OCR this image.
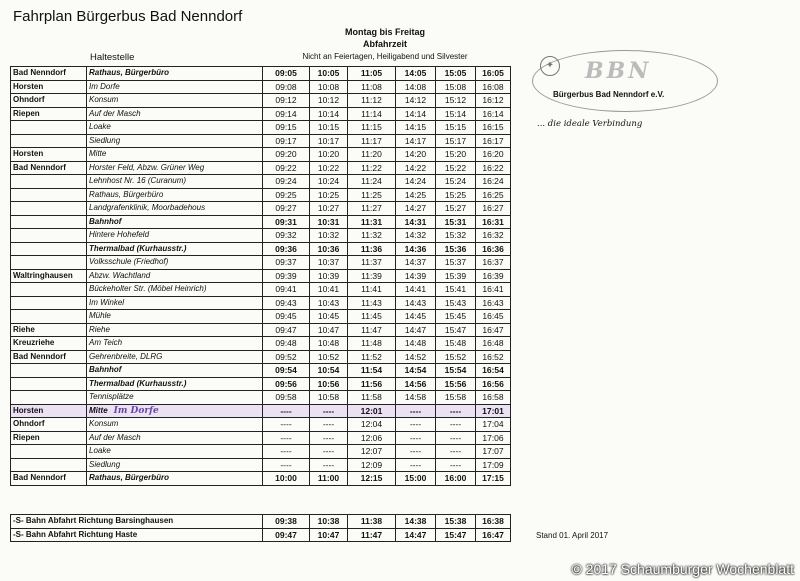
Fahrplan Bürgerbus Bad Nenndorf
Montag bis Freitag
Abfahrzeit
Nicht an Feiertagen, Heiligabend und Silvester
Haltestelle
Bad Nenndorf	Rathaus, Bürgerbüro	09:05	10:05	11:05	14:05	15:05	16:05
Horsten	Im Dorfe	09:08	10:08	11:08	14:08	15:08	16:08
Ohndorf	Konsum	09:12	10:12	11:12	14:12	15:12	16:12
Riepen	Auf der Masch	09:14	10:14	11:14	14:14	15:14	16:14
	Loake	09:15	10:15	11:15	14:15	15:15	16:15
	Siedlung	09:17	10:17	11:17	14:17	15:17	16:17
Horsten	Mitte	09:20	10:20	11:20	14:20	15:20	16:20
Bad Nenndorf	Horster Feld, Abzw. Grüner Weg	09:22	10:22	11:22	14:22	15:22	16:22
	Lehnhost Nr. 16 (Curanum)	09:24	10:24	11:24	14:24	15:24	16:24
	Rathaus, Bürgerbüro	09:25	10:25	11:25	14:25	15:25	16:25
	Landgrafenklinik, Moorbadehous	09:27	10:27	11:27	14:27	15:27	16:27
	Bahnhof	09:31	10:31	11:31	14:31	15:31	16:31
	Hintere Hohefeld	09:32	10:32	11:32	14:32	15:32	16:32
	Thermalbad (Kurhausstr.)	09:36	10:36	11:36	14:36	15:36	16:36
	Volksschule (Friedhof)	09:37	10:37	11:37	14:37	15:37	16:37
Waltringhausen	Abzw. Wachtland	09:39	10:39	11:39	14:39	15:39	16:39
	Bückeholter Str. (Möbel Heinrich)	09:41	10:41	11:41	14:41	15:41	16:41
	Im Winkel	09:43	10:43	11:43	14:43	15:43	16:43
	Mühle	09:45	10:45	11:45	14:45	15:45	16:45
Riehe	Riehe	09:47	10:47	11:47	14:47	15:47	16:47
Kreuzriehe	Am Teich	09:48	10:48	11:48	14:48	15:48	16:48
Bad Nenndorf	Gehrenbreite, DLRG	09:52	10:52	11:52	14:52	15:52	16:52
	Bahnhof	09:54	10:54	11:54	14:54	15:54	16:54
	Thermalbad (Kurhausstr.)	09:56	10:56	11:56	14:56	15:56	16:56
	Tennisplätze	09:58	10:58	11:58	14:58	15:58	16:58
Horsten	Mitte Im Dorfe	----	----	12:01	----	----	17:01
Ohndorf	Konsum	----	----	12:04	----	----	17:04
Riepen	Auf der Masch	----	----	12:06	----	----	17:06
	Loake	----	----	12:07	----	----	17:07
	Siedlung	----	----	12:09	----	----	17:09
Bad Nenndorf	Rathaus, Bürgerbüro	10:00	11:00	12:15	15:00	16:00	17:15
-S- Bahn Abfahrt Richtung Barsinghausen	09:38	10:38	11:38	14:38	15:38	16:38
-S- Bahn Abfahrt Richtung Haste	09:47	10:47	11:47	14:47	15:47	16:47
✦ BBN
Bürgerbus Bad Nenndorf e.V.
... die ideale Verbindung
Stand 01. April 2017
© 2017 Schaumburger Wochenblatt
